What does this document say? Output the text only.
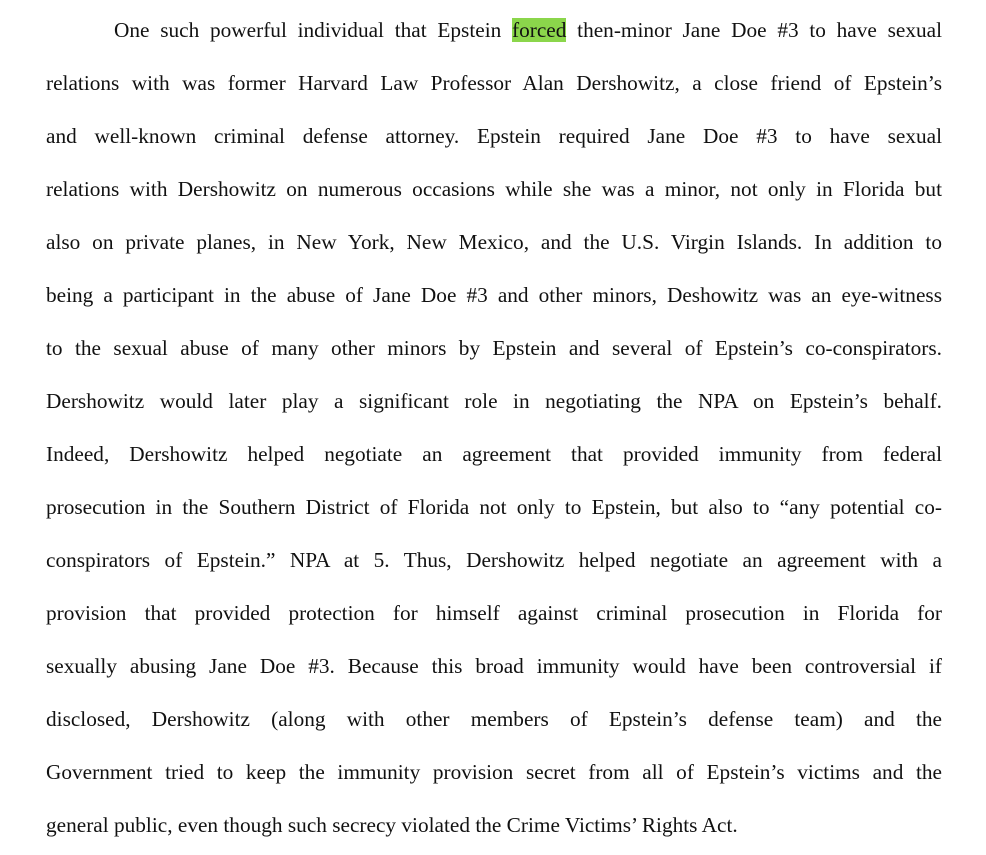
One such powerful individual that Epstein forced then-minor Jane Doe #3 to have sexual
relations with was former Harvard Law Professor Alan Dershowitz, a close friend of Epstein’s
and well-known criminal defense attorney. Epstein required Jane Doe #3 to have sexual
relations with Dershowitz on numerous occasions while she was a minor, not only in Florida but
also on private planes, in New York, New Mexico, and the U.S. Virgin Islands. In addition to
being a participant in the abuse of Jane Doe #3 and other minors, Deshowitz was an eye-witness
to the sexual abuse of many other minors by Epstein and several of Epstein’s co-conspirators.
Dershowitz would later play a significant role in negotiating the NPA on Epstein’s behalf.
Indeed, Dershowitz helped negotiate an agreement that provided immunity from federal
prosecution in the Southern District of Florida not only to Epstein, but also to “any potential co-
conspirators of Epstein.” NPA at 5. Thus, Dershowitz helped negotiate an agreement with a
provision that provided protection for himself against criminal prosecution in Florida for
sexually abusing Jane Doe #3. Because this broad immunity would have been controversial if
disclosed, Dershowitz (along with other members of Epstein’s defense team) and the
Government tried to keep the immunity provision secret from all of Epstein’s victims and the
general public, even though such secrecy violated the Crime Victims’ Rights Act.
